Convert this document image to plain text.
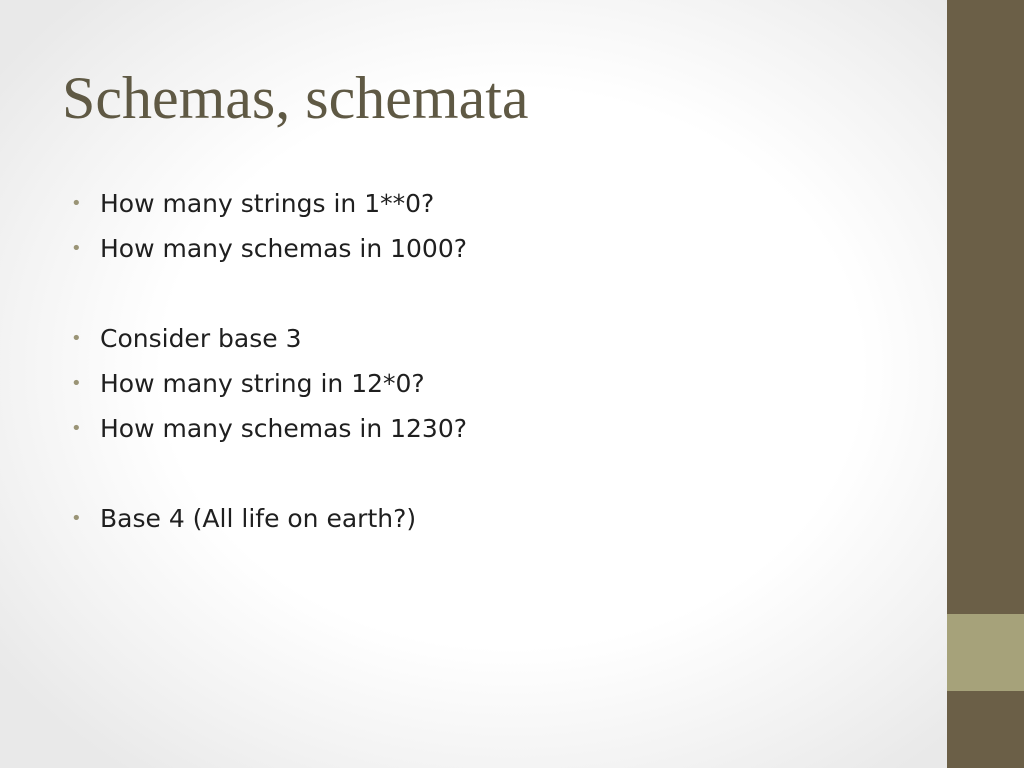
Schemas, schemata
• How many strings in 1**0?
• How many schemas in 1000?
• Consider base 3
• How many string in 12*0?
• How many schemas in 1230?
• Base 4 (All life on earth?)
